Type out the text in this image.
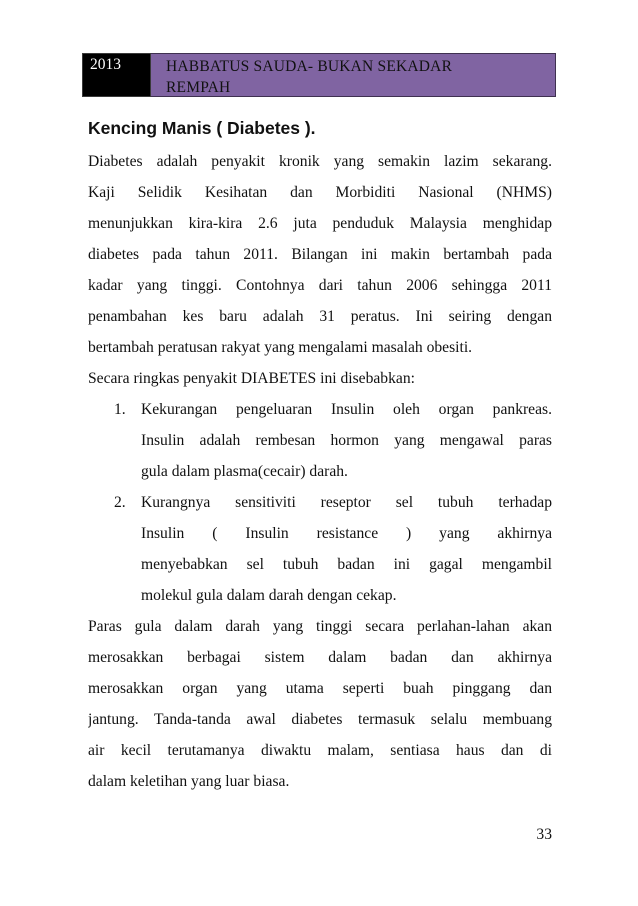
2013	HABBATUS SAUDA- BUKAN SEKADAR
REMPAH
Kencing Manis ( Diabetes ).
Diabetes adalah penyakit kronik yang semakin lazim sekarang.
Kaji Selidik Kesihatan dan Morbiditi Nasional (NHMS)
menunjukkan kira-kira 2.6 juta penduduk Malaysia menghidap
diabetes pada tahun 2011. Bilangan ini makin bertambah pada
kadar yang tinggi. Contohnya dari tahun 2006 sehingga 2011
penambahan kes baru adalah 31 peratus. Ini seiring dengan
bertambah peratusan rakyat yang mengalami masalah obesiti.
Secara ringkas penyakit DIABETES ini disebabkan:
1. Kekurangan pengeluaran Insulin oleh organ pankreas.
Insulin adalah rembesan hormon yang mengawal paras
gula dalam plasma(cecair) darah.
2. Kurangnya sensitiviti reseptor sel tubuh terhadap
Insulin ( Insulin resistance ) yang akhirnya
menyebabkan sel tubuh badan ini gagal mengambil
molekul gula dalam darah dengan cekap.
Paras gula dalam darah yang tinggi secara perlahan-lahan akan
merosakkan berbagai sistem dalam badan dan akhirnya
merosakkan organ yang utama seperti buah pinggang dan
jantung. Tanda-tanda awal diabetes termasuk selalu membuang
air kecil terutamanya diwaktu malam, sentiasa haus dan di
dalam keletihan yang luar biasa.
33
